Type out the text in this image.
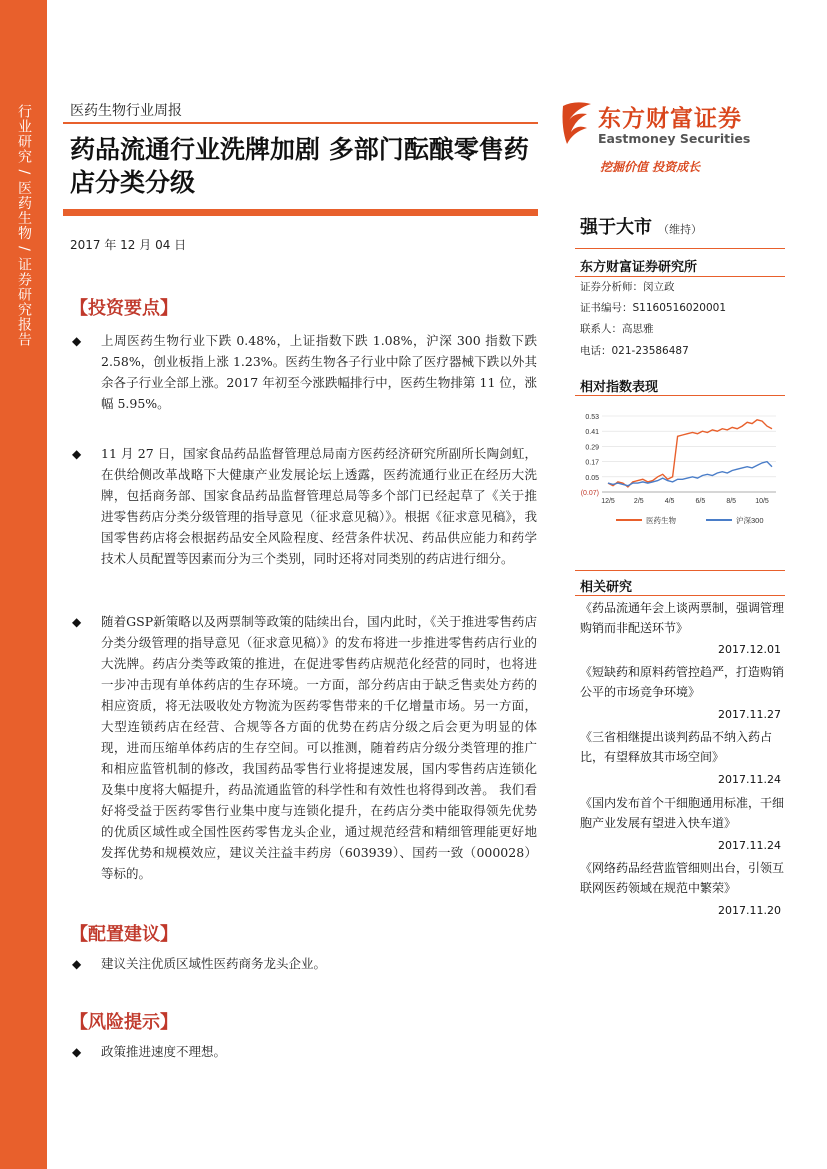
行业研究 / 医药生物 / 证券研究报告	医药生物行业周报
药品流通行业洗牌加剧 多部门酝酿零售药店分类分级
2017 年 12 月 04 日
【投资要点】
◆ 上周医药生物行业下跌 0.48%，上证指数下跌 1.08%，沪深 300 指数下跌 2.58%，创业板指上涨 1.23%。医药生物各子行业中除了医疗器械下跌以外其余各子行业全部上涨。2017 年初至今涨跌幅排行中，医药生物排第 11 位，涨幅 5.95%。
◆ 11 月 27 日，国家食品药品监督管理总局南方医药经济研究所副所长陶剑虹，在供给侧改革战略下大健康产业发展论坛上透露，医药流通行业正在经历大洗牌，包括商务部、国家食品药品监督管理总局等多个部门已经起草了《关于推进零售药店分类分级管理的指导意见（征求意见稿）》。根据《征求意见稿》，我国零售药店将会根据药品安全风险程度、经营条件状况、药品供应能力和药学技术人员配置等因素而分为三个类别，同时还将对同类别的药店进行细分。
◆ 随着GSP新策略以及两票制等政策的陆续出台，国内此时，《关于推进零售药店分类分级管理的指导意见（征求意见稿）》的发布将进一步推进零售药店行业的大洗牌。药店分类等政策的推进，在促进零售药店规范化经营的同时，也将进一步冲击现有单体药店的生存环境。一方面，部分药店由于缺乏售卖处方药的相应资质，将无法吸收处方物流为医药零售带来的千亿增量市场。另一方面，大型连锁药店在经营、合规等各方面的优势在药店分级之后会更为明显的体现，进而压缩单体药店的生存空间。可以推测，随着药店分级分类管理的推广和相应监管机制的修改，我国药品零售行业将提速发展，国内零售药店连锁化及集中度将大幅提升，药品流通监管的科学性和有效性也将得到改善。 我们看好将受益于医药零售行业集中度与连锁化提升，在药店分类中能取得领先优势的优质区域性或全国性医药零售龙头企业，通过规范经营和精细管理能更好地发挥优势和规模效应，建议关注益丰药房（603939）、国药一致（000028）等标的。
【配置建议】
◆ 建议关注优质区域性医药商务龙头企业。
【风险提示】
◆ 政策推进速度不理想。
东方财富证券
Eastmoney Securities
挖掘价值 投资成长
强于大市 （维持）
东方财富证券研究所
证券分析师：闵立政
证书编号：S1160516020001
联系人：高思雅
电话：021-23586487
相对指数表现
0.53
0.41
0.29
0.17
0.05
(0.07)
12/5	2/5	4/5	6/5	8/5	10/5
医药生物	沪深300
相关研究
《药品流通年会上谈两票制，强调管理购销而非配送环节》
2017.12.01
《短缺药和原料药管控趋严，打造购销公平的市场竞争环境》
2017.11.27
《三省相继提出谈判药品不纳入药占比，有望释放其市场空间》
2017.11.24
《国内发布首个干细胞通用标准，干细胞产业发展有望进入快车道》
2017.11.24
《网络药品经营监管细则出台，引领互联网医药领域在规范中繁荣》
2017.11.20
